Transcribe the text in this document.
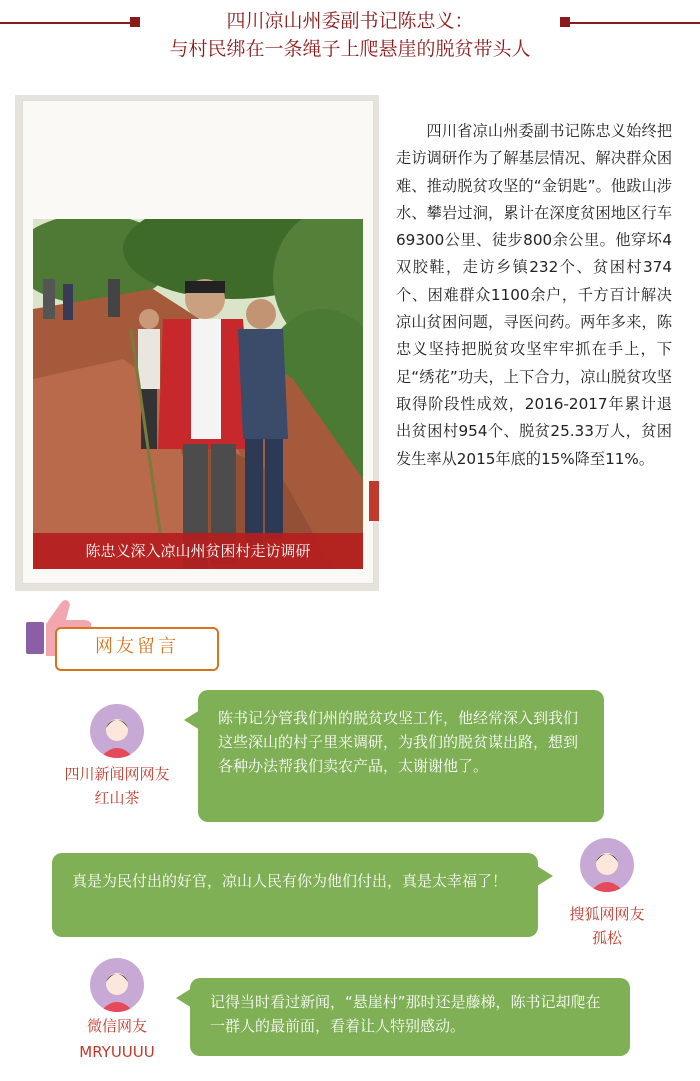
四川凉山州委副书记陈忠义：
与村民绑在一条绳子上爬悬崖的脱贫带头人
陈忠义深入凉山州贫困村走访调研
四川省凉山州委副书记陈忠义始终把走访调研作为了解基层情况、解决群众困难、推动脱贫攻坚的“金钥匙”。他跋山涉水、攀岩过涧，累计在深度贫困地区行车69300公里、徒步800余公里。他穿坏4双胶鞋，走访乡镇232个、贫困村374个、困难群众1100余户，千方百计解决凉山贫困问题，寻医问药。两年多来，陈忠义坚持把脱贫攻坚牢牢抓在手上，下足“绣花”功夫，上下合力，凉山脱贫攻坚取得阶段性成效，2016-2017年累计退出贫困村954个、脱贫25.33万人，贫困发生率从2015年底的15%降至11%。
网友留言
四川新闻网网友
红山茶
陈书记分管我们州的脱贫攻坚工作，他经常深入到我们这些深山的村子里来调研，为我们的脱贫谋出路，想到各种办法帮我们卖农产品，太谢谢他了。
真是为民付出的好官，凉山人民有你为他们付出，真是太幸福了！
搜狐网网友
孤松
微信网友
MRYUUUU
记得当时看过新闻，“悬崖村”那时还是藤梯，陈书记却爬在一群人的最前面，看着让人特别感动。
